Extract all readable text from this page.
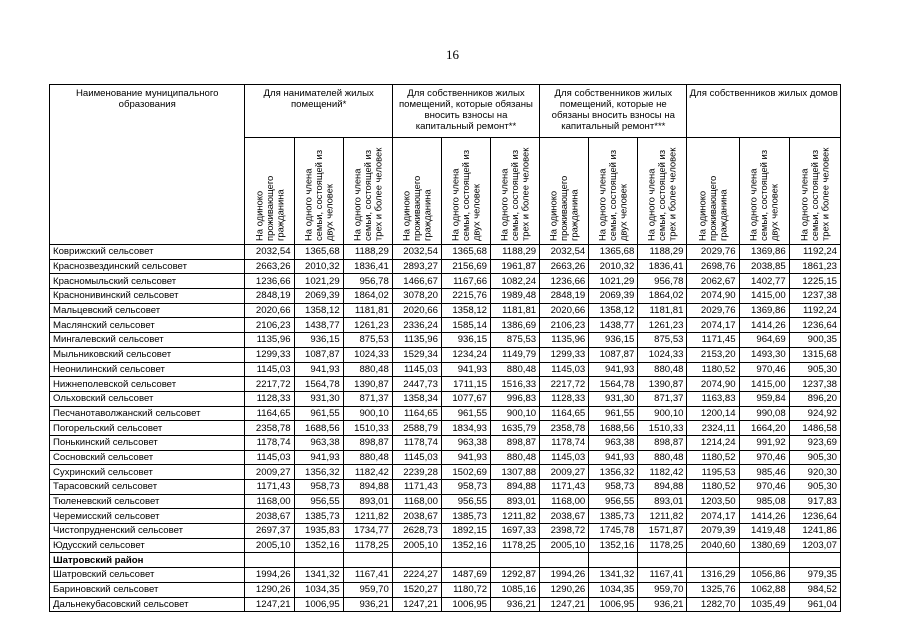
16
Наименование муниципального образования	Для нанимателей жилых помещений*			Для собственников жилых помещений, которые обязаны вносить взносы на капитальный ремонт**			Для собственников жилых помещений, которые не обязаны вносить взносы на капитальный ремонт***			Для собственников жилых домов		

	На одиноко проживающего гражданина	На одного члена семьи, состоящей из двух человек	На одного члена семьи, состоящей из трех и более человек	На одиноко проживающего гражданина	На одного члена семьи, состоящей из двух человек	На одного члена семьи, состоящей из трех и более человек	На одиноко проживающего гражданина	На одного члена семьи, состоящей из двух человек	На одного члена семьи, состоящей из трех и более человек	На одиноко проживающего гражданина	На одного члена семьи, состоящей из двух человек	На одного члена семьи, состоящей из трех и более человек

Коврижский сельсовет	2032,54	1365,68	1188,29	2032,54	1365,68	1188,29	2032,54	1365,68	1188,29	2029,76	1369,86	1192,24
Краснозвездинский сельсовет	2663,26	2010,32	1836,41	2893,27	2156,69	1961,87	2663,26	2010,32	1836,41	2698,76	2038,85	1861,23
Красномыльский сельсовет	1236,66	1021,29	956,78	1466,67	1167,66	1082,24	1236,66	1021,29	956,78	2062,67	1402,77	1225,15
Краснонивинский сельсовет	2848,19	2069,39	1864,02	3078,20	2215,76	1989,48	2848,19	2069,39	1864,02	2074,90	1415,00	1237,38
Мальцевский сельсовет	2020,66	1358,12	1181,81	2020,66	1358,12	1181,81	2020,66	1358,12	1181,81	2029,76	1369,86	1192,24
Маслянский сельсовет	2106,23	1438,77	1261,23	2336,24	1585,14	1386,69	2106,23	1438,77	1261,23	2074,17	1414,26	1236,64
Мингалевский сельсовет	1135,96	936,15	875,53	1135,96	936,15	875,53	1135,96	936,15	875,53	1171,45	964,69	900,35
Мыльниковский сельсовет	1299,33	1087,87	1024,33	1529,34	1234,24	1149,79	1299,33	1087,87	1024,33	2153,20	1493,30	1315,68
Неонилинский сельсовет	1145,03	941,93	880,48	1145,03	941,93	880,48	1145,03	941,93	880,48	1180,52	970,46	905,30
Нижнеполевской сельсовет	2217,72	1564,78	1390,87	2447,73	1711,15	1516,33	2217,72	1564,78	1390,87	2074,90	1415,00	1237,38
Ольховский сельсовет	1128,33	931,30	871,37	1358,34	1077,67	996,83	1128,33	931,30	871,37	1163,83	959,84	896,20
Песчанотаволжанский сельсовет	1164,65	961,55	900,10	1164,65	961,55	900,10	1164,65	961,55	900,10	1200,14	990,08	924,92
Погорельский сельсовет	2358,78	1688,56	1510,33	2588,79	1834,93	1635,79	2358,78	1688,56	1510,33	2324,11	1664,20	1486,58
Понькинский сельсовет	1178,74	963,38	898,87	1178,74	963,38	898,87	1178,74	963,38	898,87	1214,24	991,92	923,69
Сосновский сельсовет	1145,03	941,93	880,48	1145,03	941,93	880,48	1145,03	941,93	880,48	1180,52	970,46	905,30
Сухринский сельсовет	2009,27	1356,32	1182,42	2239,28	1502,69	1307,88	2009,27	1356,32	1182,42	1195,53	985,46	920,30
Тарасовский сельсовет	1171,43	958,73	894,88	1171,43	958,73	894,88	1171,43	958,73	894,88	1180,52	970,46	905,30
Тюленевский сельсовет	1168,00	956,55	893,01	1168,00	956,55	893,01	1168,00	956,55	893,01	1203,50	985,08	917,83
Черемисский сельсовет	2038,67	1385,73	1211,82	2038,67	1385,73	1211,82	2038,67	1385,73	1211,82	2074,17	1414,26	1236,64
Чистопрудненский сельсовет	2697,37	1935,83	1734,77	2628,73	1892,15	1697,33	2398,72	1745,78	1571,87	2079,39	1419,48	1241,86
Юдусский сельсовет	2005,10	1352,16	1178,25	2005,10	1352,16	1178,25	2005,10	1352,16	1178,25	2040,60	1380,69	1203,07
Шатровский район												
Шатровский сельсовет	1994,26	1341,32	1167,41	2224,27	1487,69	1292,87	1994,26	1341,32	1167,41	1316,29	1056,86	979,35
Бариновский сельсовет	1290,26	1034,35	959,70	1520,27	1180,72	1085,16	1290,26	1034,35	959,70	1325,76	1062,88	984,52
Дальнекубасовский сельсовет	1247,21	1006,95	936,21	1247,21	1006,95	936,21	1247,21	1006,95	936,21	1282,70	1035,49	961,04
